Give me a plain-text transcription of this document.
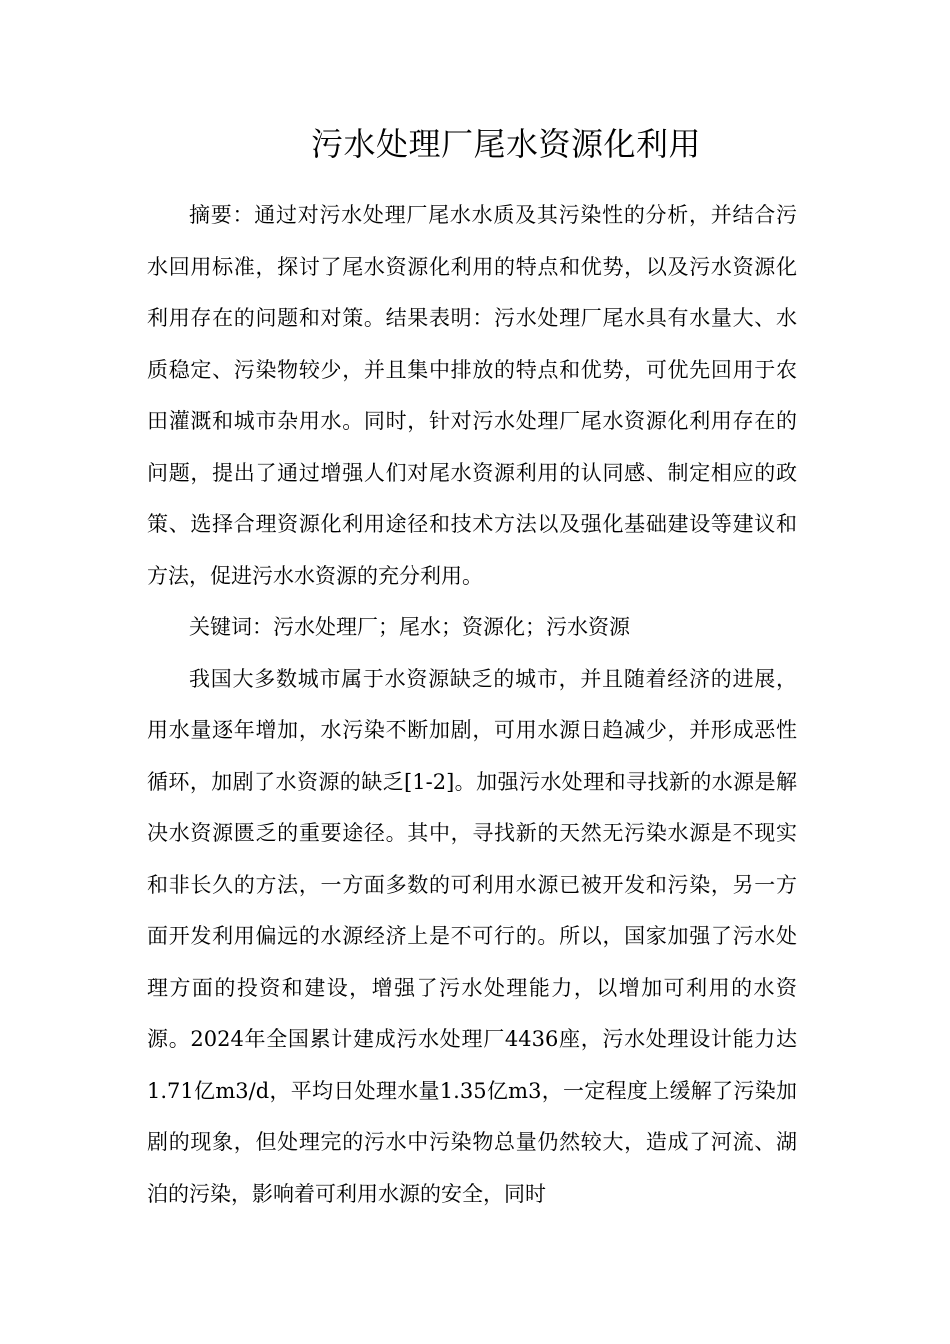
污水处理厂尾水资源化利用

摘要：通过对污水处理厂尾水水质及其污染性的分析，并结合污水回用标准，探讨了尾水资源化利用的特点和优势，以及污水资源化利用存在的问题和对策。结果表明：污水处理厂尾水具有水量大、水质稳定、污染物较少，并且集中排放的特点和优势，可优先回用于农田灌溉和城市杂用水。同时，针对污水处理厂尾水资源化利用存在的问题，提出了通过增强人们对尾水资源利用的认同感、制定相应的政策、选择合理资源化利用途径和技术方法以及强化基础建设等建议和方法，促进污水水资源的充分利用。

关键词：污水处理厂；尾水；资源化；污水资源

我国大多数城市属于水资源缺乏的城市，并且随着经济的进展，用水量逐年增加，水污染不断加剧，可用水源日趋减少，并形成恶性循环，加剧了水资源的缺乏[1-2]。加强污水处理和寻找新的水源是解决水资源匮乏的重要途径。其中，寻找新的天然无污染水源是不现实和非长久的方法，一方面多数的可利用水源已被开发和污染，另一方面开发利用偏远的水源经济上是不可行的。所以，国家加强了污水处理方面的投资和建设，增强了污水处理能力，以增加可利用的水资源。2024年全国累计建成污水处理厂4436座，污水处理设计能力达1.71亿m3/d，平均日处理水量1.35亿m3，一定程度上缓解了污染加剧的现象，但处理完的污水中污染物总量仍然较大，造成了河流、湖泊的污染，影响着可利用水源的安全，同时
